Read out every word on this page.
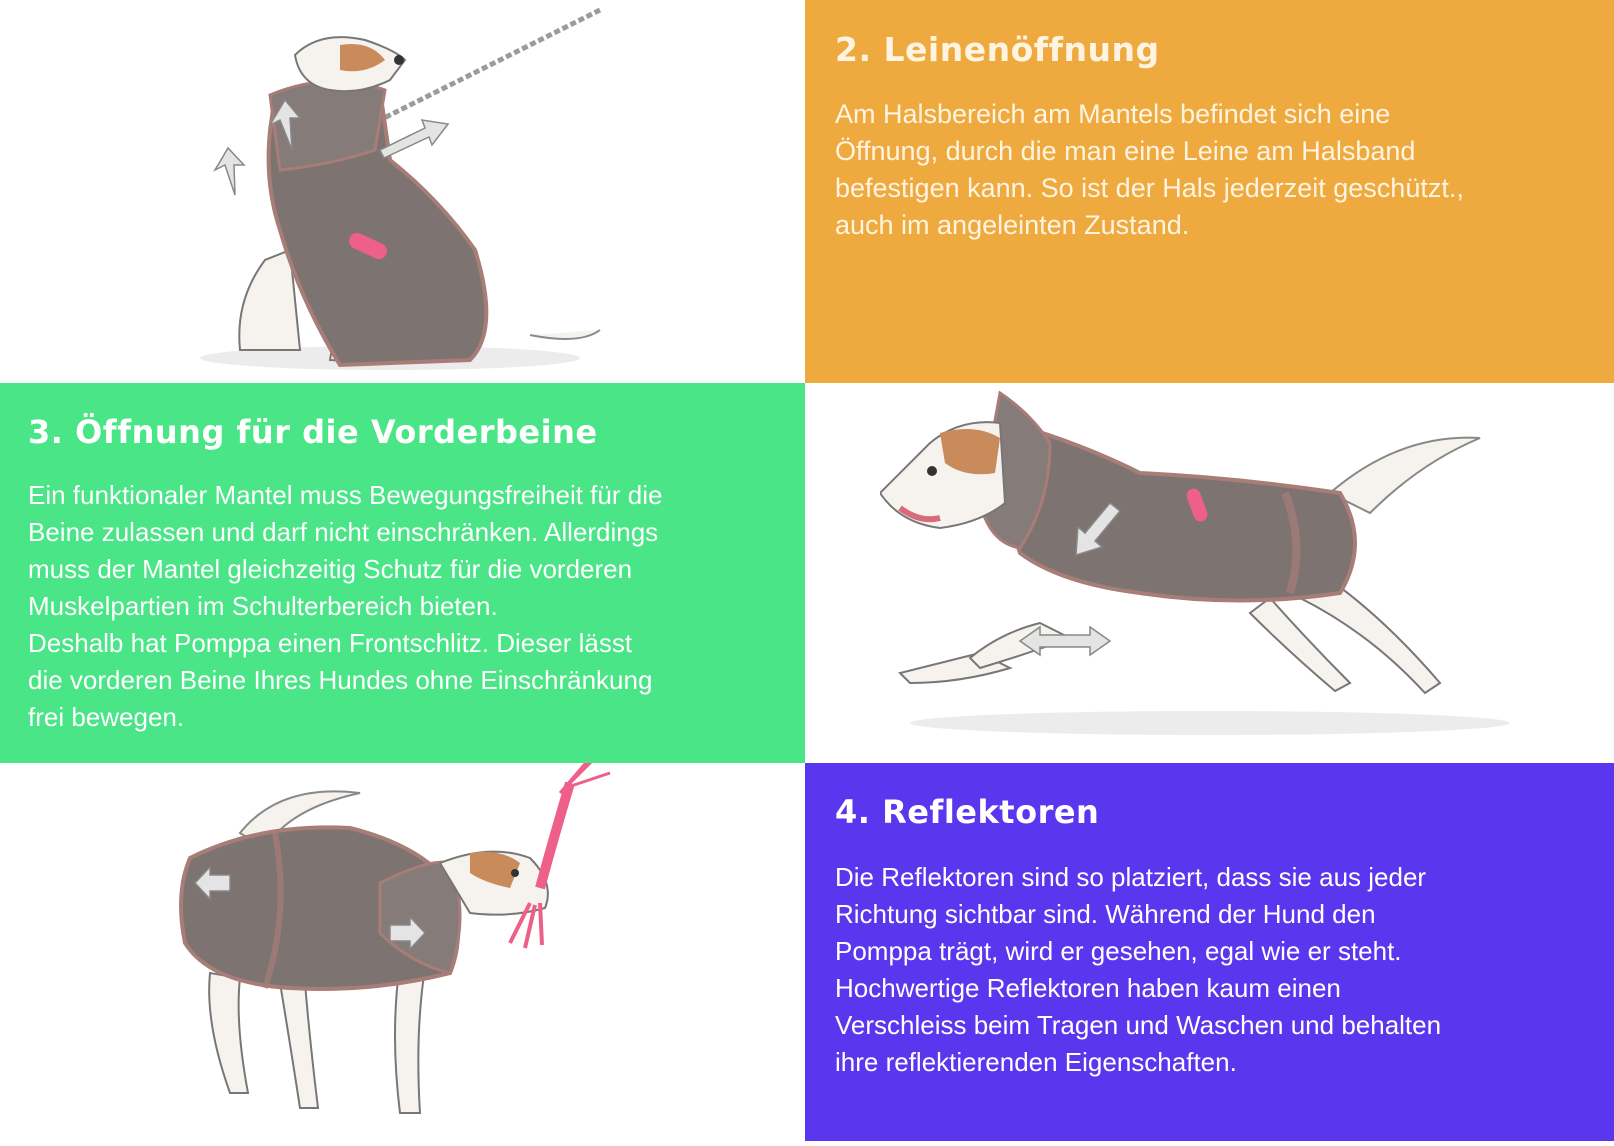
2. Leinenöffnung

Am Halsbereich am Mantels befindet sich eine
Öffnung, durch die man eine Leine am Halsband
befestigen kann. So ist der Hals jederzeit geschützt.,
auch im angeleinten Zustand.

3. Öffnung für die Vorderbeine

Ein funktionaler Mantel muss Bewegungsfreiheit für die
Beine zulassen und darf nicht einschränken. Allerdings
muss der Mantel gleichzeitig Schutz für die vorderen
Muskelpartien im Schulterbereich bieten.
Deshalb hat Pomppa einen Frontschlitz. Dieser lässt
die vorderen Beine Ihres Hundes ohne Einschränkung
frei bewegen.

4. Reflektoren

Die Reflektoren sind so platziert, dass sie aus jeder
Richtung sichtbar sind. Während der Hund den
Pomppa trägt, wird er gesehen, egal wie er steht.
Hochwertige Reflektoren haben kaum einen
Verschleiss beim Tragen und Waschen und behalten
ihre reflektierenden Eigenschaften.
